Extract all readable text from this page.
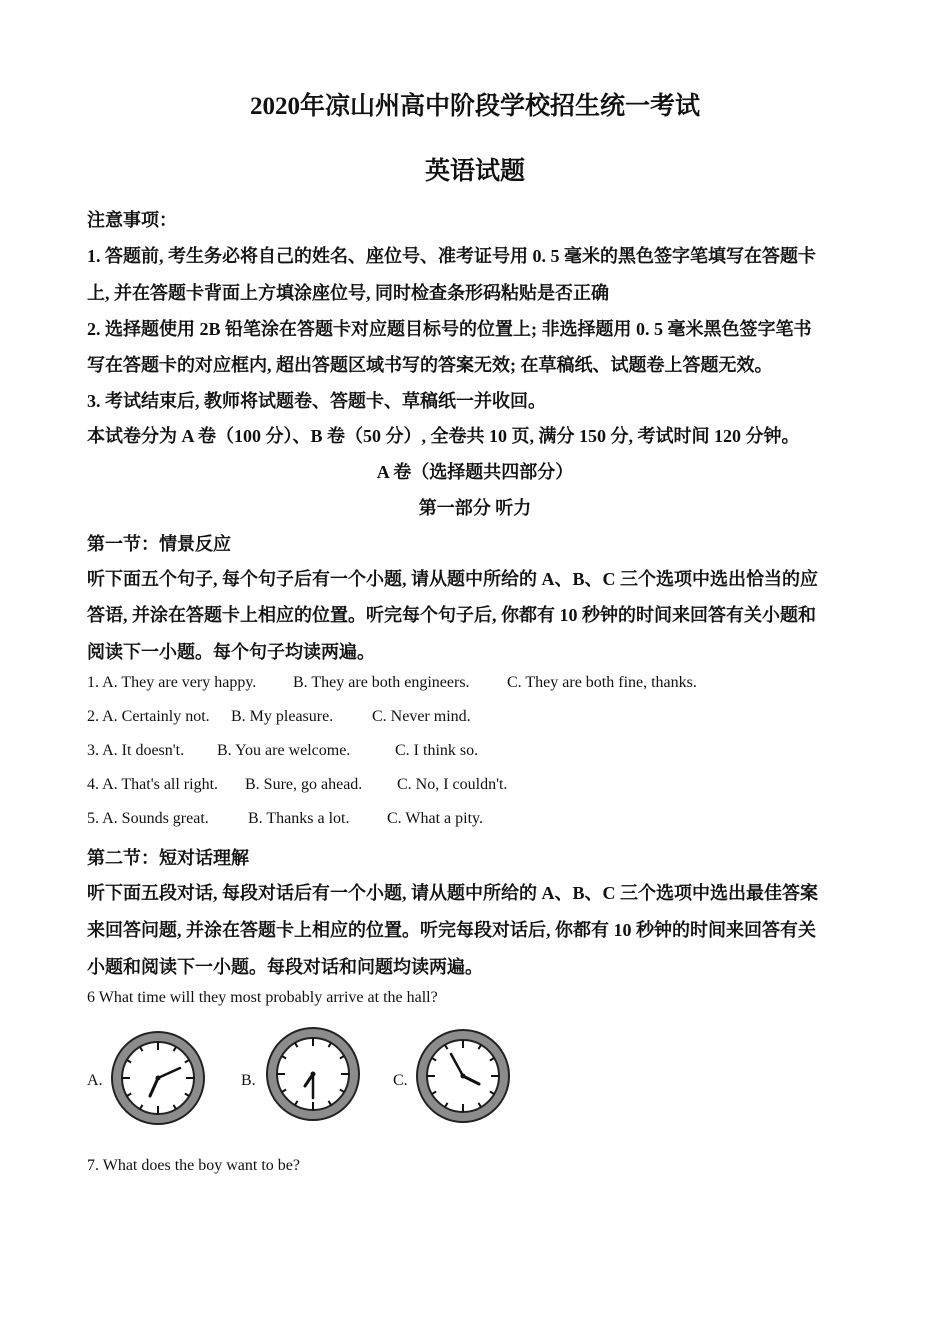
2020年凉山州高中阶段学校招生统一考试
英语试题
注意事项：
1. 答题前, 考生务必将自己的姓名、座位号、准考证号用 0. 5 毫米的黑色签字笔填写在答题卡
上, 并在答题卡背面上方填涂座位号, 同时检查条形码粘贴是否正确
2. 选择题使用 2B 铅笔涂在答题卡对应题目标号的位置上; 非选择题用 0. 5 毫米黑色签字笔书
写在答题卡的对应框内, 超出答题区域书写的答案无效; 在草稿纸、试题卷上答题无效。
3. 考试结束后, 教师将试题卷、答题卡、草稿纸一并收回。
本试卷分为 A 卷（100 分）、B 卷（50 分）, 全卷共 10 页, 满分 150 分, 考试时间 120 分钟。
A 卷（选择题共四部分）
第一部分 听力
第一节：情景反应
听下面五个句子, 每个句子后有一个小题, 请从题中所给的 A、B、C 三个选项中选出恰当的应
答语, 并涂在答题卡上相应的位置。听完每个句子后, 你都有 10 秒钟的时间来回答有关小题和
阅读下一小题。每个句子均读两遍。
1. A. They are very happy. B. They are both engineers. C. They are both fine, thanks.
2. A. Certainly not. B. My pleasure. C. Never mind.
3. A. It doesn't. B. You are welcome.	C. I think so.
4. A. That's all right. B. Sure, go ahead. C. No, I couldn't.
5. A. Sounds great. B. Thanks a lot. C. What a pity.
第二节：短对话理解
听下面五段对话, 每段对话后有一个小题, 请从题中所给的 A、B、C 三个选项中选出最佳答案
来回答问题, 并涂在答题卡上相应的位置。听完每段对话后, 你都有 10 秒钟的时间来回答有关
小题和阅读下一小题。每段对话和问题均读两遍。
6 What time will they most probably arrive at the hall?
A.	B.	C.
7. What does the boy want to be?
